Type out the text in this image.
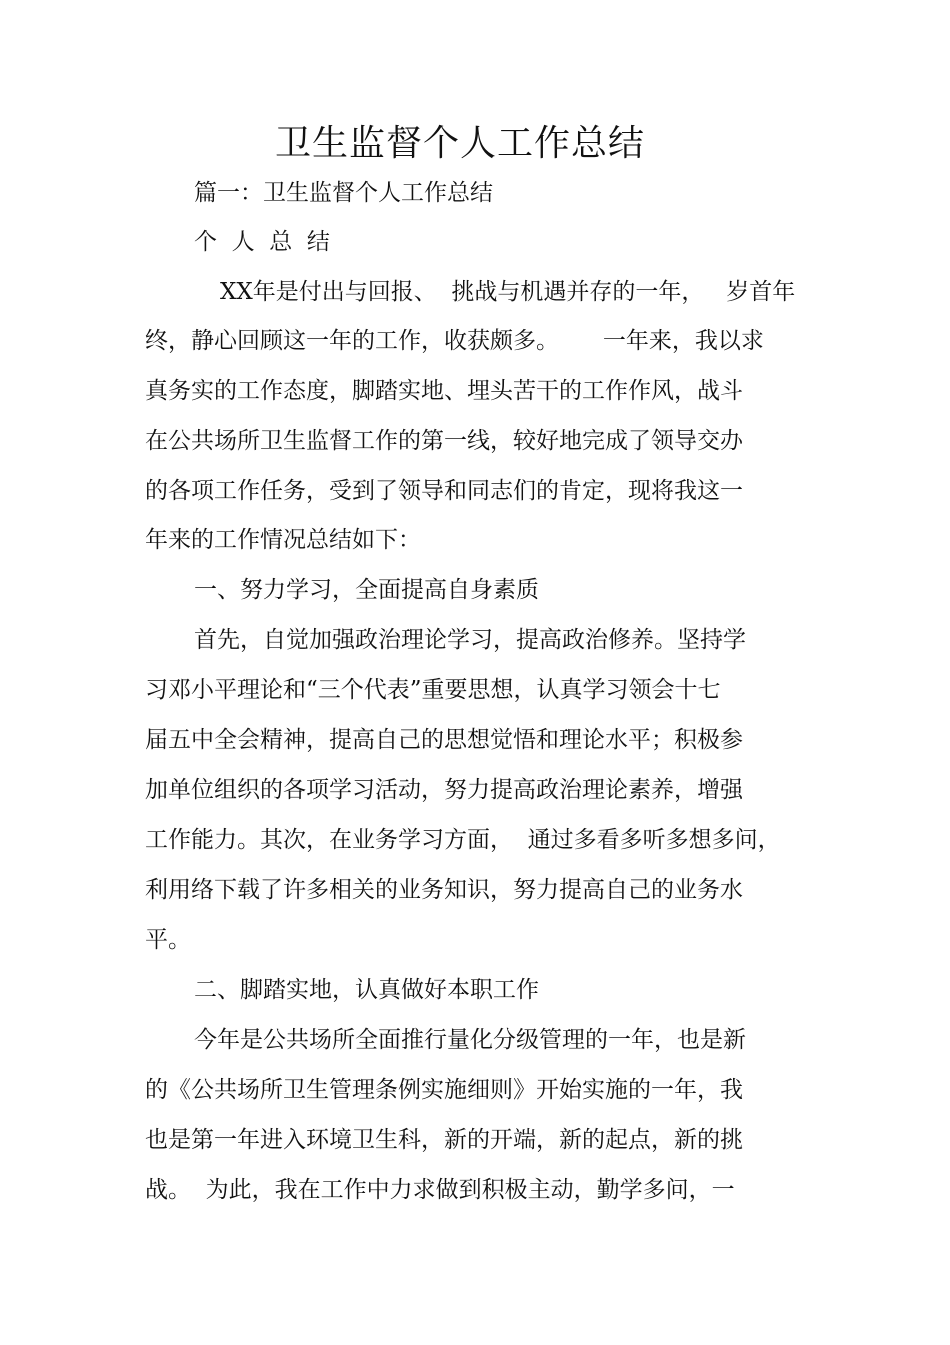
卫生监督个人工作总结
篇一：卫生监督个人工作总结
个  人  总  结
XX年是付出与回报、  挑战与机遇并存的一年，   岁首年
终，静心回顾这一年的工作，收获颇多。      一年来，我以求
真务实的工作态度，脚踏实地、埋头苦干的工作作风，战斗
在公共场所卫生监督工作的第一线，较好地完成了领导交办
的各项工作任务，受到了领导和同志们的肯定，现将我这一
年来的工作情况总结如下：
一、努力学习，全面提高自身素质
首先，自觉加强政治理论学习，提高政治修养。坚持学
习邓小平理论和“三个代表”重要思想，认真学习领会十七
届五中全会精神，提高自己的思想觉悟和理论水平；积极参
加单位组织的各项学习活动，努力提高政治理论素养，增强
工作能力。其次，在业务学习方面，  通过多看多听多想多问，
利用络下载了许多相关的业务知识，努力提高自己的业务水
平。
二、脚踏实地，认真做好本职工作
今年是公共场所全面推行量化分级管理的一年，也是新
的《公共场所卫生管理条例实施细则》开始实施的一年，我
也是第一年进入环境卫生科，新的开端，新的起点，新的挑
战。  为此，我在工作中力求做到积极主动，勤学多问，一
